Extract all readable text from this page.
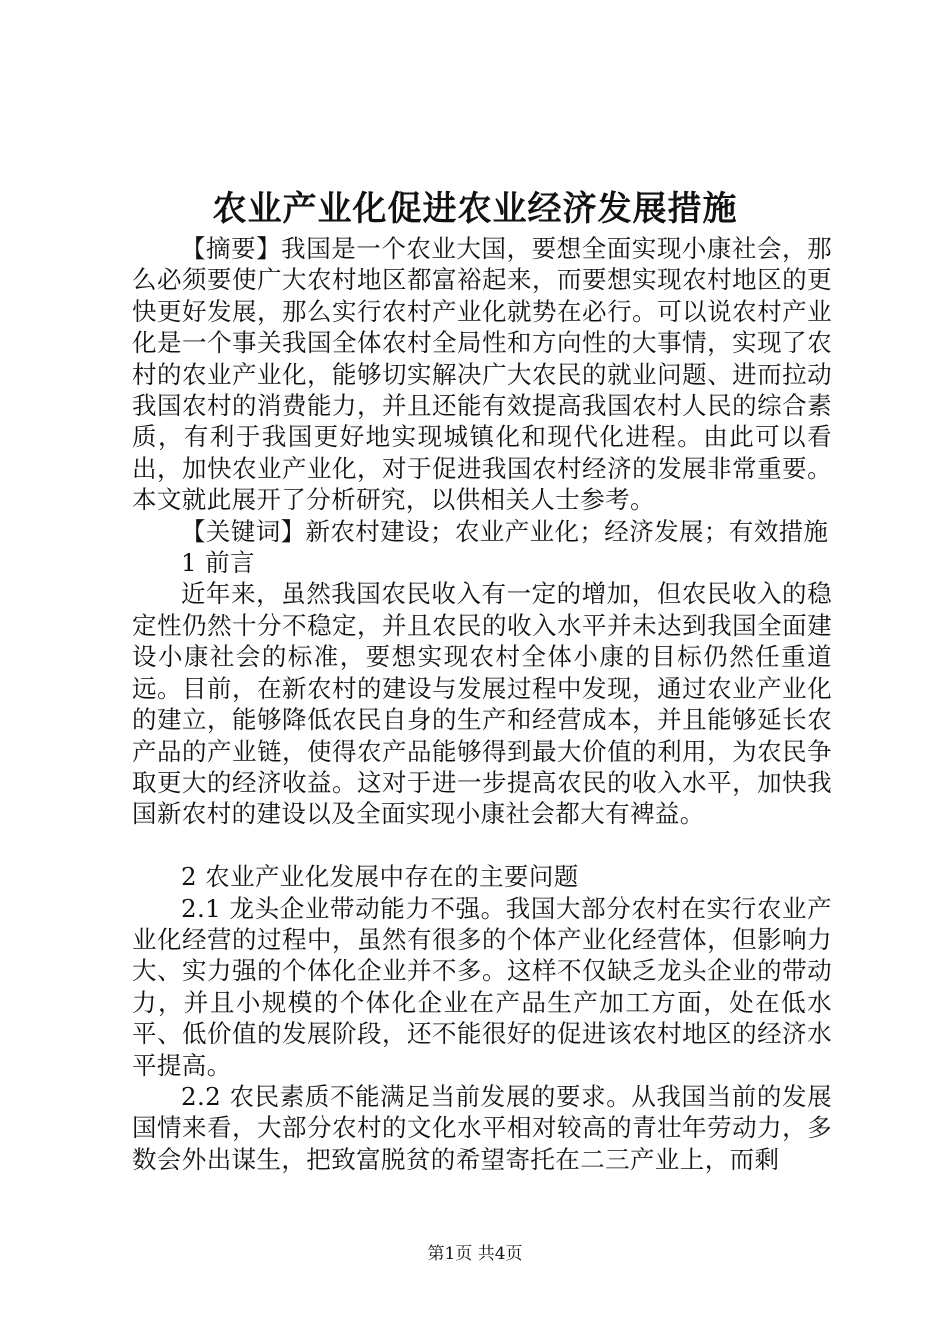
农业产业化促进农业经济发展措施

【摘要】我国是一个农业大国，要想全面实现小康社会，那么必须要使广大农村地区都富裕起来，而要想实现农村地区的更快更好发展，那么实行农村产业化就势在必行。可以说农村产业化是一个事关我国全体农村全局性和方向性的大事情，实现了农村的农业产业化，能够切实解决广大农民的就业问题、进而拉动我国农村的消费能力，并且还能有效提高我国农村人民的综合素质，有利于我国更好地实现城镇化和现代化进程。由此可以看出，加快农业产业化，对于促进我国农村经济的发展非常重要。本文就此展开了分析研究，以供相关人士参考。

【关键词】新农村建设；农业产业化；经济发展；有效措施

1 前言

近年来，虽然我国农民收入有一定的增加，但农民收入的稳定性仍然十分不稳定，并且农民的收入水平并未达到我国全面建设小康社会的标准，要想实现农村全体小康的目标仍然任重道远。目前，在新农村的建设与发展过程中发现，通过农业产业化的建立，能够降低农民自身的生产和经营成本，并且能够延长农产品的产业链，使得农产品能够得到最大价值的利用，为农民争取更大的经济收益。这对于进一步提高农民的收入水平，加快我国新农村的建设以及全面实现小康社会都大有裨益。

2 农业产业化发展中存在的主要问题

2.1 龙头企业带动能力不强。我国大部分农村在实行农业产业化经营的过程中，虽然有很多的个体产业化经营体，但影响力大、实力强的个体化企业并不多。这样不仅缺乏龙头企业的带动力，并且小规模的个体化企业在产品生产加工方面，处在低水平、低价值的发展阶段，还不能很好的促进该农村地区的经济水平提高。

2.2 农民素质不能满足当前发展的要求。从我国当前的发展国情来看，大部分农村的文化水平相对较高的青壮年劳动力，多数会外出谋生，把致富脱贫的希望寄托在二三产业上，而剩

第1页 共4页
